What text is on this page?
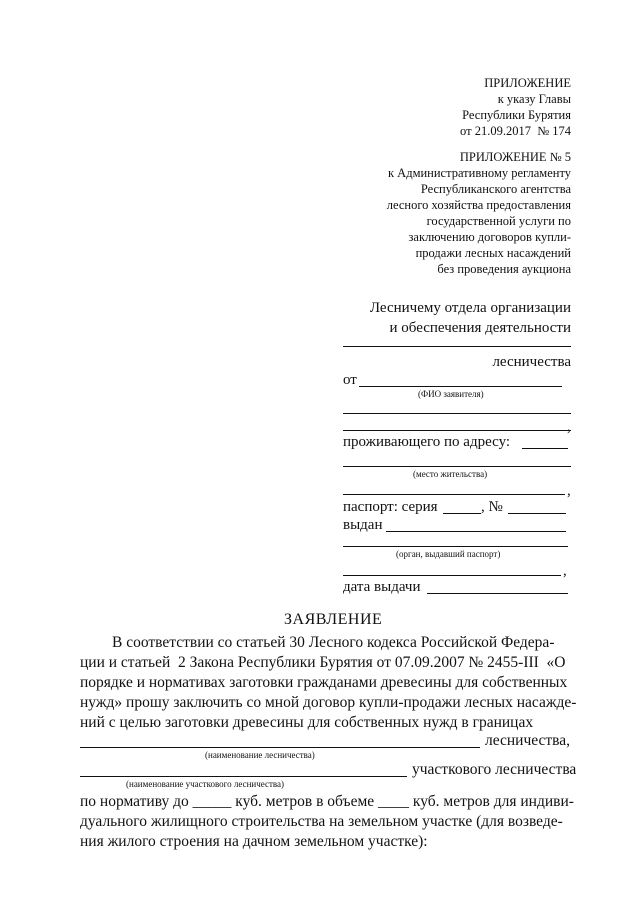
ПРИЛОЖЕНИЕ
к указу Главы
Республики Бурятия
от 21.09.2017  № 174
ПРИЛОЖЕНИЕ № 5
к Административному регламенту
Республиканского агентства
лесного хозяйства предоставления
государственной услуги по
заключению договоров купли-
продажи лесных насаждений
без проведения аукциона
Лесничему отдела организации
и обеспечения деятельности
лесничества
от
(ФИО заявителя)
,
проживающего по адресу:
(место жительства)
,
паспорт: серия	, №
выдан
(орган, выдавший паспорт)
,
дата выдачи
ЗАЯВЛЕНИЕ
В соответствии со статьей 30 Лесного кодекса Российской Федера-
ции и статьей  2 Закона Республики Бурятия от 07.09.2007 № 2455-III  «О
порядке и нормативах заготовки гражданами древесины для собственных
нужд» прошу заключить со мной договор купли-продажи лесных насажде-
ний с целью заготовки древесины для собственных нужд в границах
лесничества,
(наименование лесничества)
участкового лесничества
(наименование участкового лесничества)
по нормативу до _____ куб. метров в объеме ____ куб. метров для индиви-
дуального жилищного строительства на земельном участке (для возведе-
ния жилого строения на дачном земельном участке):
